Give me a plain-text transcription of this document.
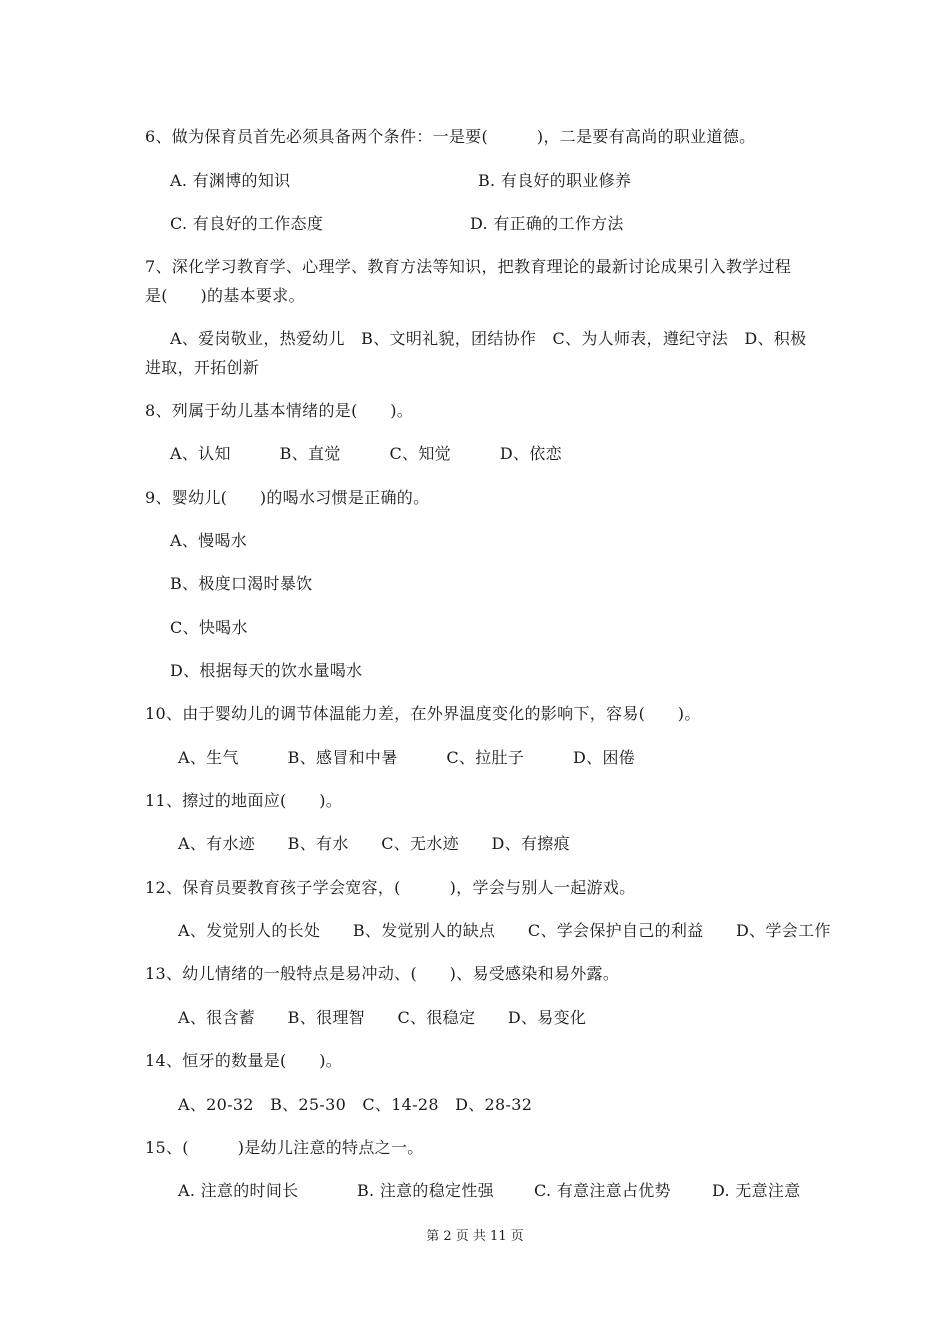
6、做为保育员首先必须具备两个条件：一是要(　　　)，二是要有高尚的职业道德。
A. 有渊博的知识	B. 有良好的职业修养
C. 有良好的工作态度	D. 有正确的工作方法
7、深化学习教育学、心理学、教育方法等知识，把教育理论的最新讨论成果引入教学过程
是(　　)的基本要求。
A、爱岗敬业，热爱幼儿　B、文明礼貌，团结协作　C、为人师表，遵纪守法　D、积极
进取，开拓创新
8、列属于幼儿基本情绪的是(　　)。
A、认知　　　B、直觉　　　C、知觉　　　D、依恋
9、婴幼儿(　　)的喝水习惯是正确的。
A、慢喝水
B、极度口渴时暴饮
C、快喝水
D、根据每天的饮水量喝水
10、由于婴幼儿的调节体温能力差，在外界温度变化的影响下，容易(　　)。
A、生气　　　B、感冒和中暑　　　C、拉肚子　　　D、困倦
11、擦过的地面应(　　)。
A、有水迹　　B、有水　　C、无水迹　　D、有擦痕
12、保育员要教育孩子学会宽容，(　　　)，学会与别人一起游戏。
A、发觉别人的长处　　B、发觉别人的缺点　　C、学会保护自己的利益　　D、学会工作
13、幼儿情绪的一般特点是易冲动、(　　)、易受感染和易外露。
A、很含蓄　　B、很理智　　C、很稳定　　D、易变化
14、恒牙的数量是(　　)。
A、20-32　B、25-30　C、14-28　D、28-32
15、(　　　)是幼儿注意的特点之一。
A. 注意的时间长	B. 注意的稳定性强	C. 有意注意占优势	D. 无意注意
第 2 页 共 11 页
